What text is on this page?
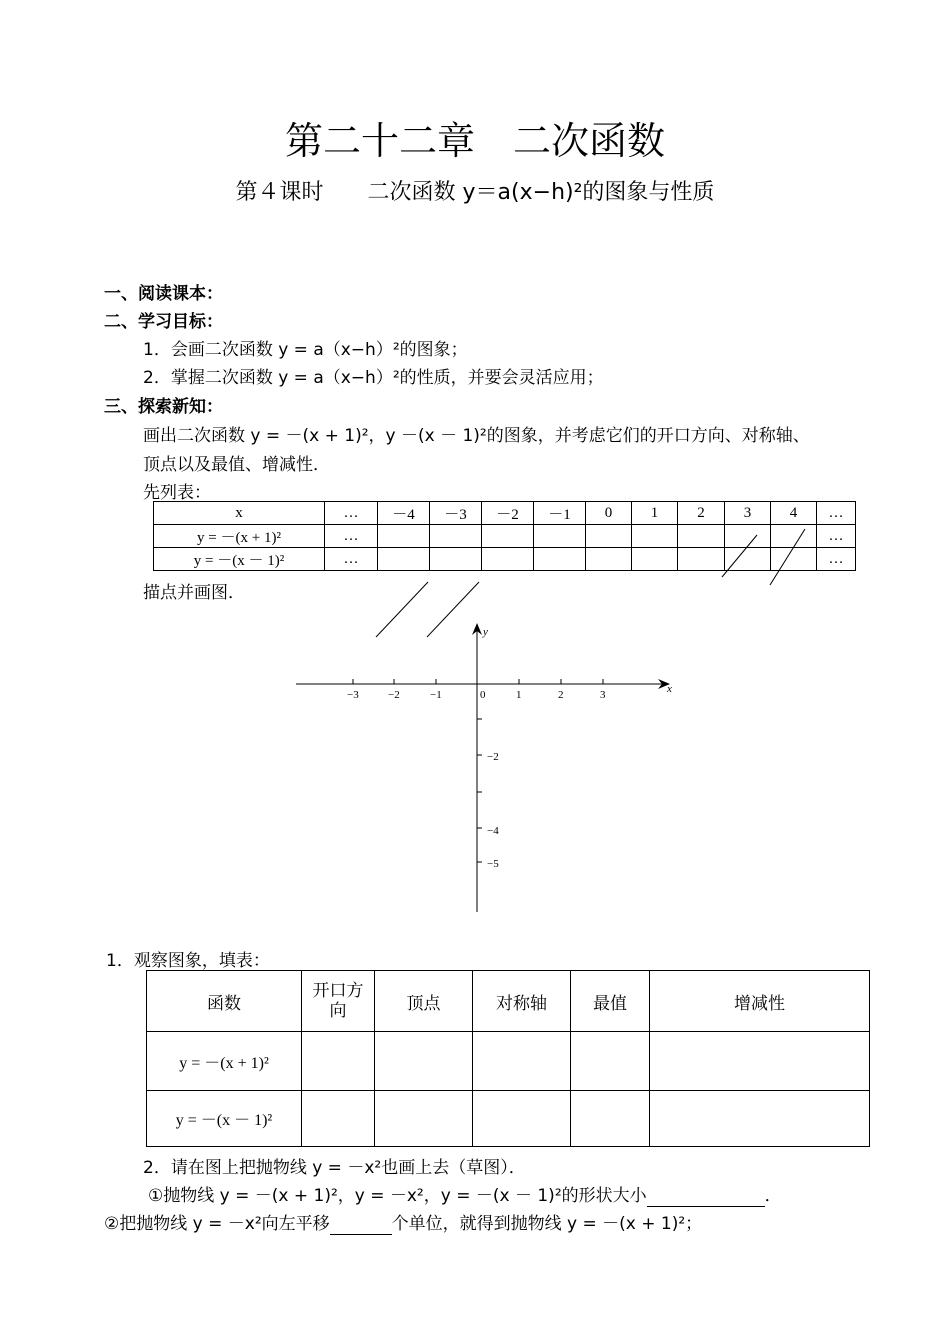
第二十二章　二次函数
第４课时　　二次函数 y＝a(x−h)²的图象与性质
一、阅读课本：
二、学习目标：
1．会画二次函数 y = a（x−h）²的图象；
2．掌握二次函数 y = a（x−h）²的性质，并要会灵活应用；
三、探索新知：
画出二次函数 y = －(x + 1)²，y －(x － 1)²的图象，并考虑它们的开口方向、对称轴、
顶点以及最值、增减性．
先列表：
x	…	－4	－3	－2	－1	0	1	2	3	4	…
y = －(x + 1)²	…										…
y = －(x － 1)²	…										…
描点并画图．
−3	−2	−1	0	1	2	3
−2
−4
−5
x
y
1．观察图象，填表：
函数	开口方向	顶点	对称轴	最值	增减性
y = －(x + 1)²					
y = －(x － 1)²					
2．请在图上把抛物线 y = －x²也画上去（草图）．
①抛物线 y = －(x + 1)²，y = －x²，y = －(x － 1)²的形状大小	．
②把抛物线 y = －x²向左平移	个单位，就得到抛物线 y = －(x + 1)²；
